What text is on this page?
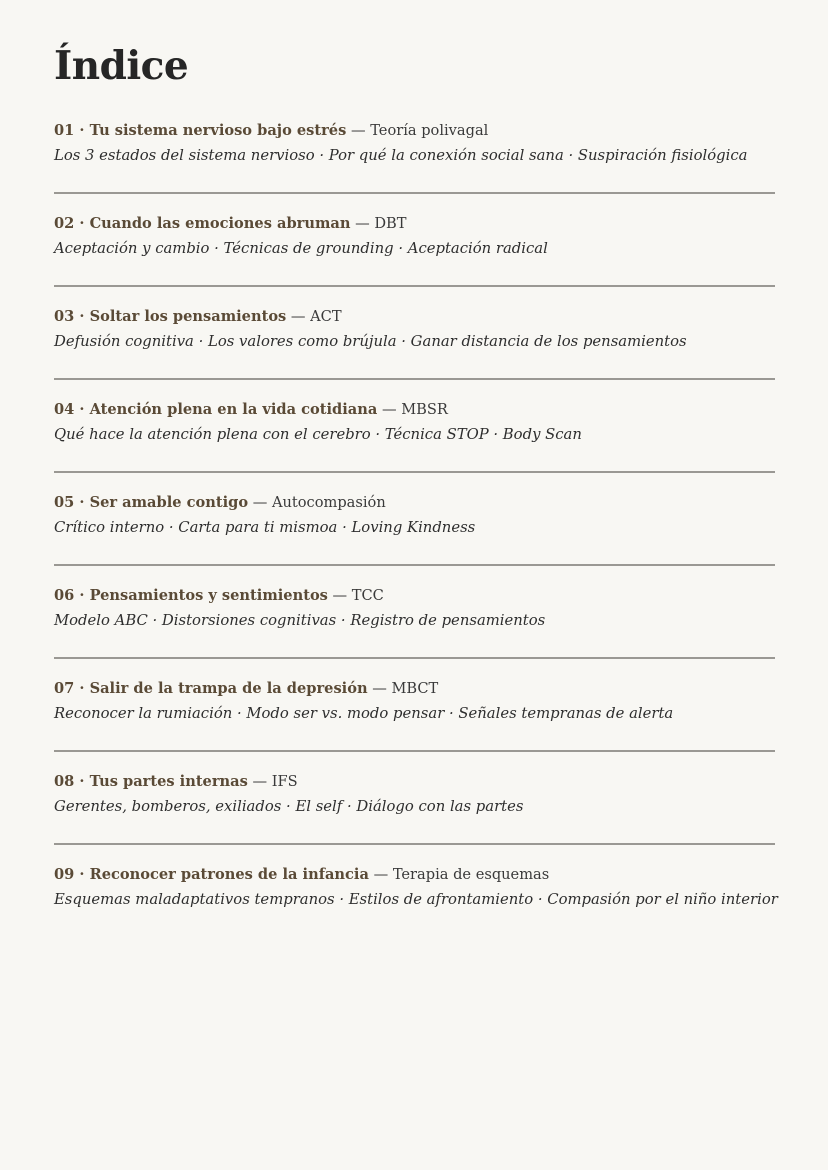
Índice
01 · Tu sistema nervioso bajo estrés — Teoría polivagal
Los 3 estados del sistema nervioso · Por qué la conexión social sana · Suspiración fisiológica
02 · Cuando las emociones abruman — DBT
Aceptación y cambio · Técnicas de grounding · Aceptación radical
03 · Soltar los pensamientos — ACT
Defusión cognitiva · Los valores como brújula · Ganar distancia de los pensamientos
04 · Atención plena en la vida cotidiana — MBSR
Qué hace la atención plena con el cerebro · Técnica STOP · Body Scan
05 · Ser amable contigo — Autocompasión
Crítico interno · Carta para ti mismoa · Loving Kindness
06 · Pensamientos y sentimientos — TCC
Modelo ABC · Distorsiones cognitivas · Registro de pensamientos
07 · Salir de la trampa de la depresión — MBCT
Reconocer la rumiación · Modo ser vs. modo pensar · Señales tempranas de alerta
08 · Tus partes internas — IFS
Gerentes, bomberos, exiliados · El self · Diálogo con las partes
09 · Reconocer patrones de la infancia — Terapia de esquemas
Esquemas maladaptativos tempranos · Estilos de afrontamiento · Compasión por el niño interior
